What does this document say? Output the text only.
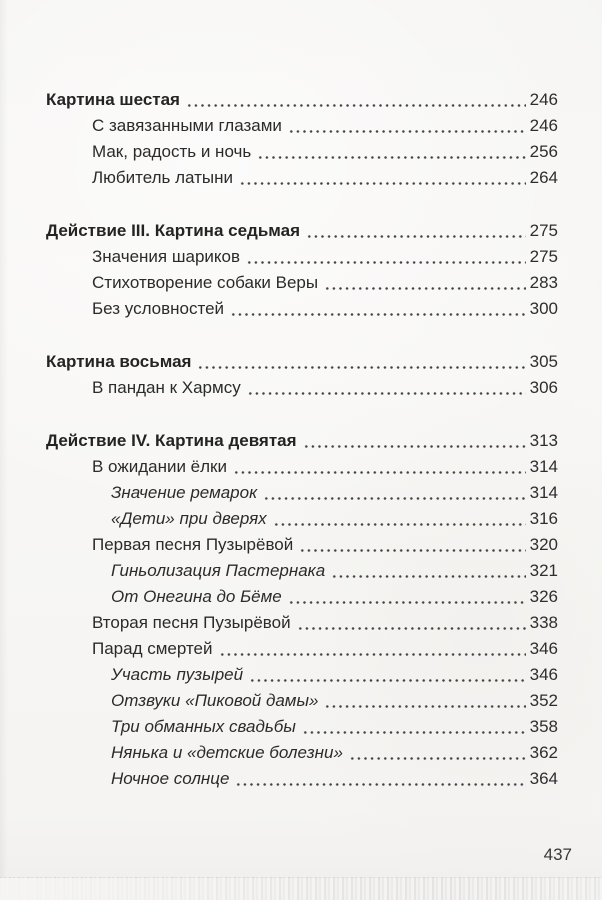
Картина шестая	246
С завязанными глазами	246
Мак, радость и ночь	256
Любитель латыни	264
Действие III. Картина седьмая	275
Значения шариков	275
Стихотворение собаки Веры	283
Без условностей	300
Картина восьмая	305
В пандан к Хармсу	306
Действие IV. Картина девятая	313
В ожидании ёлки	314
Значение ремарок	314
«Дети» при дверях	316
Первая песня Пузырёвой	320
Гиньолизация Пастернака	321
От Онегина до Бёме	326
Вторая песня Пузырёвой	338
Парад смертей	346
Участь пузырей	346
Отзвуки «Пиковой дамы»	352
Три обманных свадьбы	358
Нянька и «детские болезни»	362
Ночное солнце	364
437
